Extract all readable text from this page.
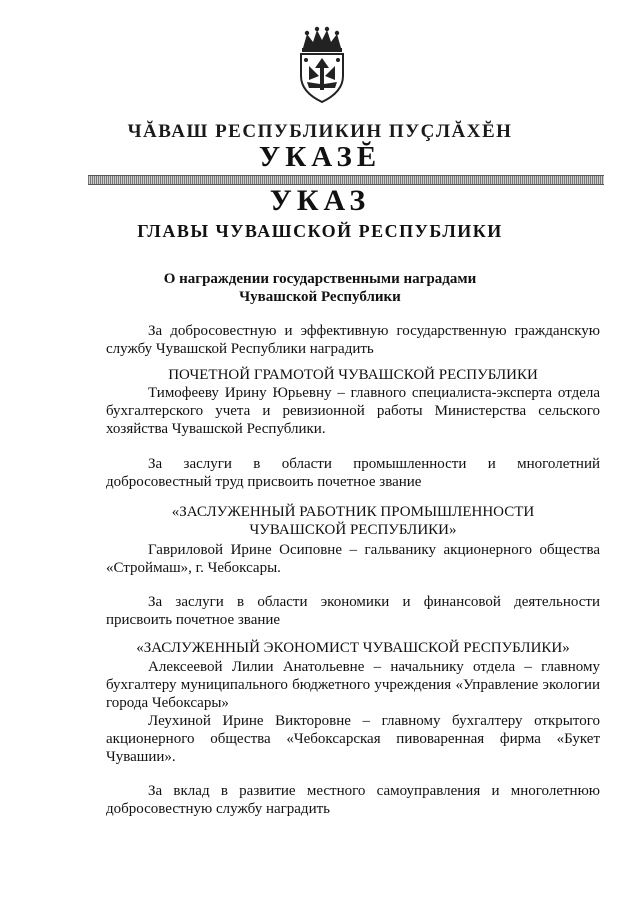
ЧĂВАШ РЕСПУБЛИКИН ПУÇЛĂХĔН
УКАЗĔ
УКАЗ
ГЛАВЫ ЧУВАШСКОЙ РЕСПУБЛИКИ
О награждении государственными наградами
Чувашской Республики
За добросовестную и эффективную государственную гражданскую службу Чувашской Республики наградить
ПОЧЕТНОЙ ГРАМОТОЙ ЧУВАШСКОЙ РЕСПУБЛИКИ
Тимофееву Ирину Юрьевну – главного специалиста-эксперта отдела бухгалтерского учета и ревизионной работы Министерства сельского хозяйства Чувашской Республики.
За заслуги в области промышленности и многолетний добросовестный труд присвоить почетное звание
«ЗАСЛУЖЕННЫЙ РАБОТНИК ПРОМЫШЛЕННОСТИ
ЧУВАШСКОЙ РЕСПУБЛИКИ»
Гавриловой Ирине Осиповне – гальванику акционерного общества «Строймаш», г. Чебоксары.
За заслуги в области экономики и финансовой деятельности присвоить почетное звание
«ЗАСЛУЖЕННЫЙ ЭКОНОМИСТ ЧУВАШСКОЙ РЕСПУБЛИКИ»
Алексеевой Лилии Анатольевне – начальнику отдела – главному бухгалтеру муниципального бюджетного учреждения «Управление экологии города Чебоксары»
Леухиной Ирине Викторовне – главному бухгалтеру открытого акционерного общества «Чебоксарская пивоваренная фирма «Букет Чувашии».
За вклад в развитие местного самоуправления и многолетнюю добросовестную службу наградить
